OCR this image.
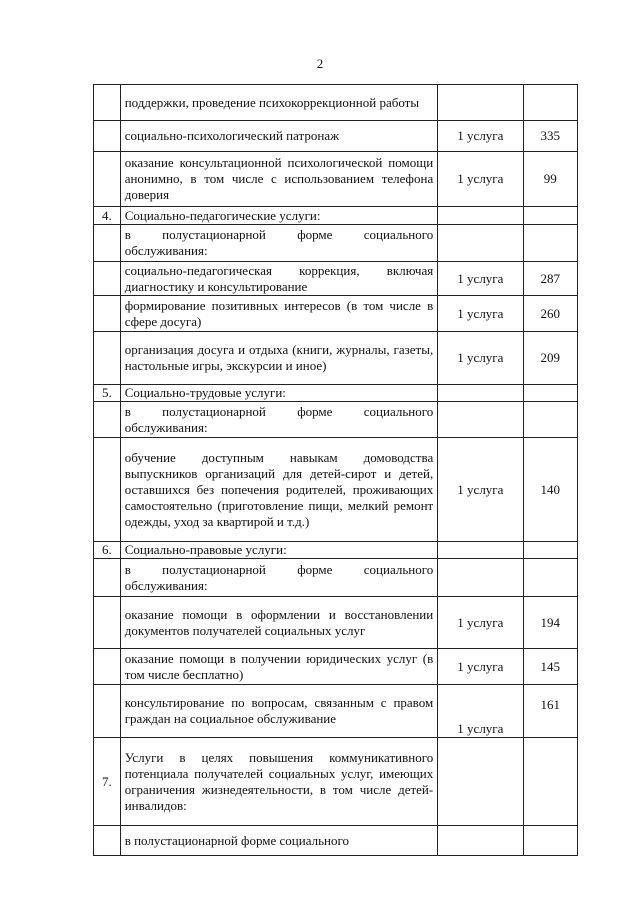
2
	поддержки, проведение психокоррекционной работы		
	социально-психологический патронаж	1 услуга	335
	оказание консультационной психологической помощи анонимно, в том числе с использованием телефона доверия	1 услуга	99
4.	Социально-педагогические услуги:		
	в полустационарной форме социального обслуживания:		
	социально-педагогическая коррекция, включая диагностику и консультирование	1 услуга	287
	формирование позитивных интересов (в том числе в сфере досуга)	1 услуга	260
	организация досуга и отдыха (книги, журналы, газеты, настольные игры, экскурсии и иное)	1 услуга	209
5.	Социально-трудовые услуги:		
	в полустационарной форме социального обслуживания:		
	обучение доступным навыкам домоводства выпускников организаций для детей-сирот и детей, оставшихся без попечения родителей, проживающих самостоятельно (приготовление пищи, мелкий ремонт одежды, уход за квартирой и т.д.)	1 услуга	140
6.	Социально-правовые услуги:		
	в полустационарной форме социального обслуживания:		
	оказание помощи в оформлении и восстановлении документов получателей социальных услуг	1 услуга	194
	оказание помощи в получении юридических услуг (в том числе бесплатно)	1 услуга	145
	консультирование по вопросам, связанным с правом граждан на социальное обслуживание	1 услуга	161
7.	Услуги в целях повышения коммуникативного потенциала получателей социальных услуг, имеющих ограничения жизнедеятельности, в том числе детей-инвалидов:		
	в полустационарной форме социального		
